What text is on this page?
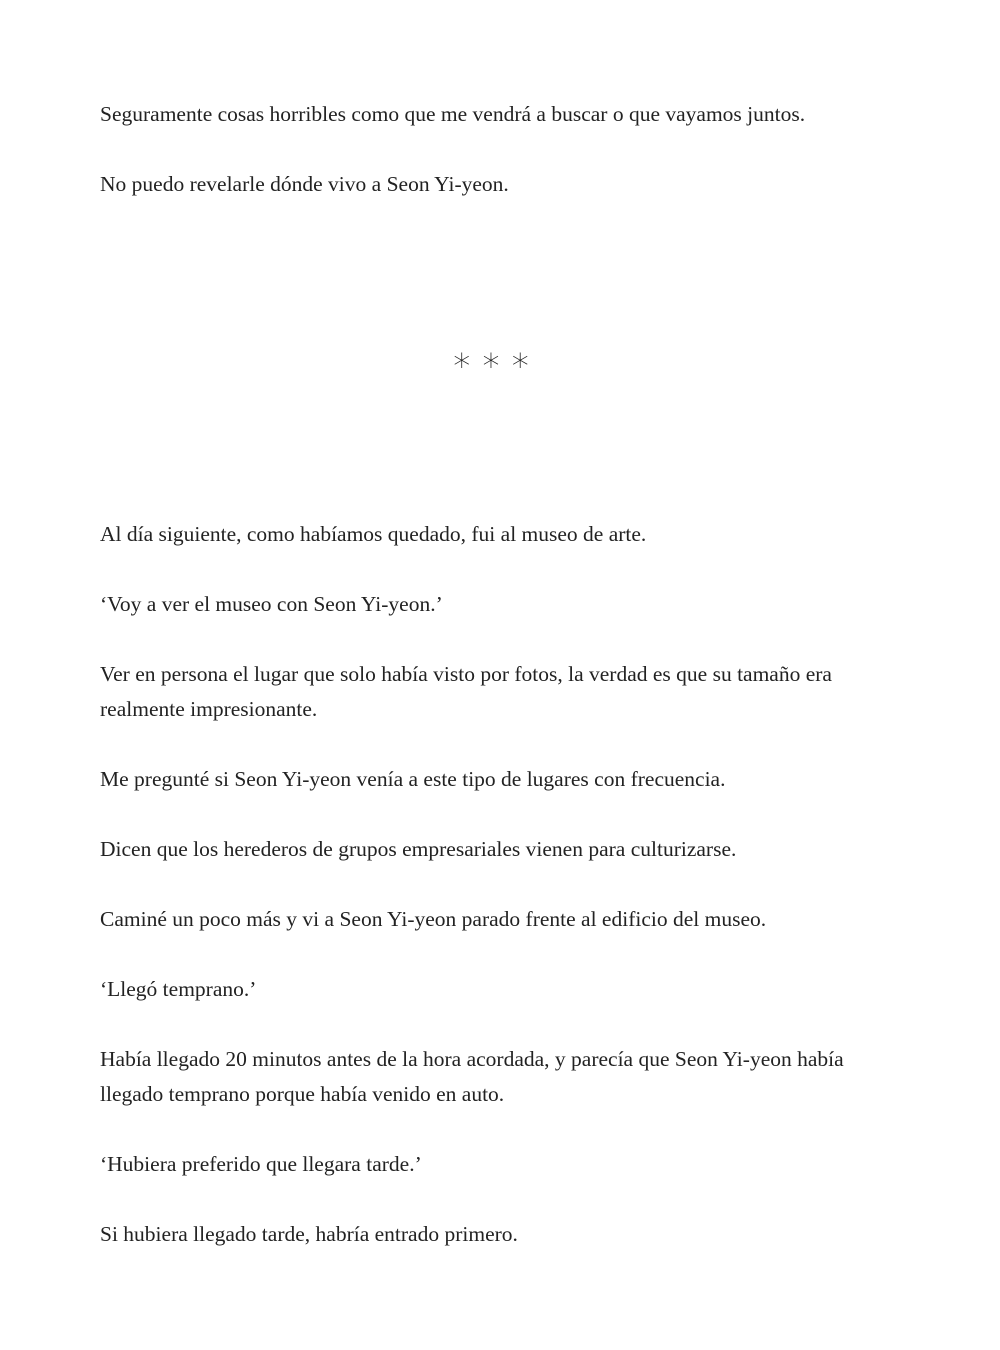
Seguramente cosas horribles como que me vendrá a buscar o que vayamos juntos.

No puedo revelarle dónde vivo a Seon Yi-yeon.

∗∗∗

Al día siguiente, como habíamos quedado, fui al museo de arte.

‘Voy a ver el museo con Seon Yi-yeon.’

Ver en persona el lugar que solo había visto por fotos, la verdad es que su tamaño era realmente impresionante.

Me pregunté si Seon Yi-yeon venía a este tipo de lugares con frecuencia.

Dicen que los herederos de grupos empresariales vienen para culturizarse.

Caminé un poco más y vi a Seon Yi-yeon parado frente al edificio del museo.

‘Llegó temprano.’

Había llegado 20 minutos antes de la hora acordada, y parecía que Seon Yi-yeon había llegado temprano porque había venido en auto.

‘Hubiera preferido que llegara tarde.’

Si hubiera llegado tarde, habría entrado primero.
